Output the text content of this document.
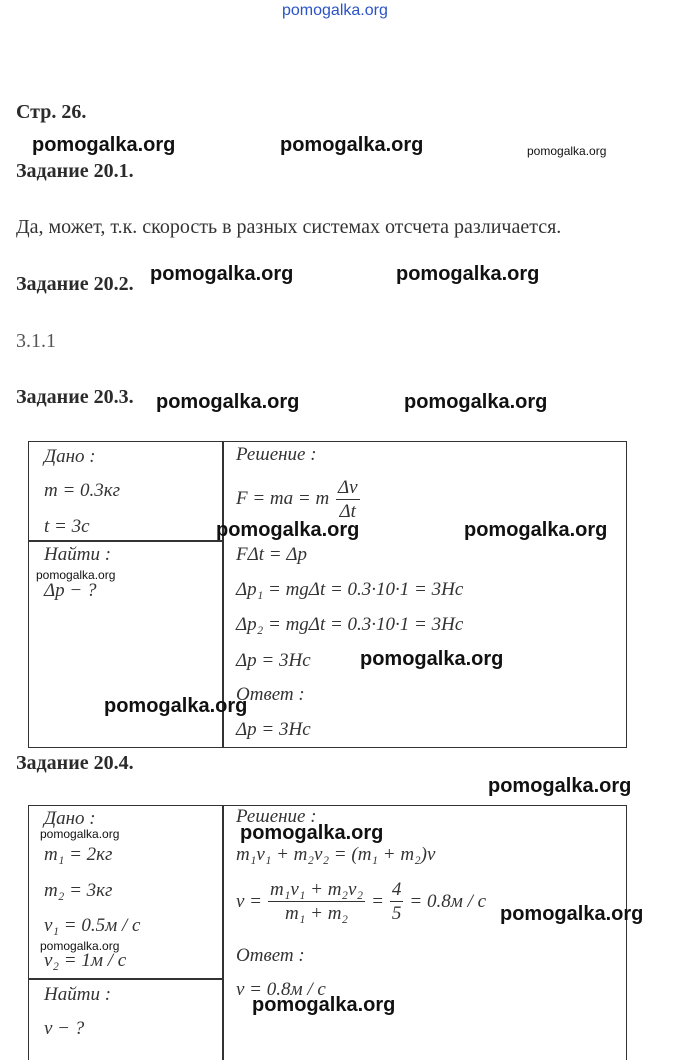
pomogalka.org
Стр. 26.
pomogalka.org	pomogalka.org	pomogalka.org
Задание 20.1.
Да, может, т.к. скорость в разных системах отсчета различается.
Задание 20.2. pomogalka.org	pomogalka.org
3.1.1
Задание 20.3. pomogalka.org	pomogalka.org
Дано :
m = 0.3кг
t = 3с
Найти :
pomogalka.org
Δp − ?
Решение :
F = ma = m $\frac{\Delta v}{\Delta t}$
pomogalka.org	pomogalka.org
FΔt = Δp
Δp₁ = mgΔt = 0.3·10·1 = 3Нс
Δp₂ = mgΔt = 0.3·10·1 = 3Нс
Δp = 3Нс pomogalka.org
Ответ :
pomogalka.org
Δp = 3Нс
Задание 20.4.
pomogalka.org
Дано :
pomogalka.org
m₁ = 2кг
m₂ = 3кг
v₁ = 0.5м / с
pomogalka.org
v₂ = 1м / с
Найти :
v − ?
Решение :
pomogalka.org
m₁v₁ + m₂v₂ = (m₁ + m₂)v
$v = \frac{\text{m₁v₁ + m₂v₂}}{\text{m₁ + m₂}} = \frac{4}{5} = 0.8м / с$
pomogalka.org
Ответ :
v = 0.8м / с
pomogalka.org
